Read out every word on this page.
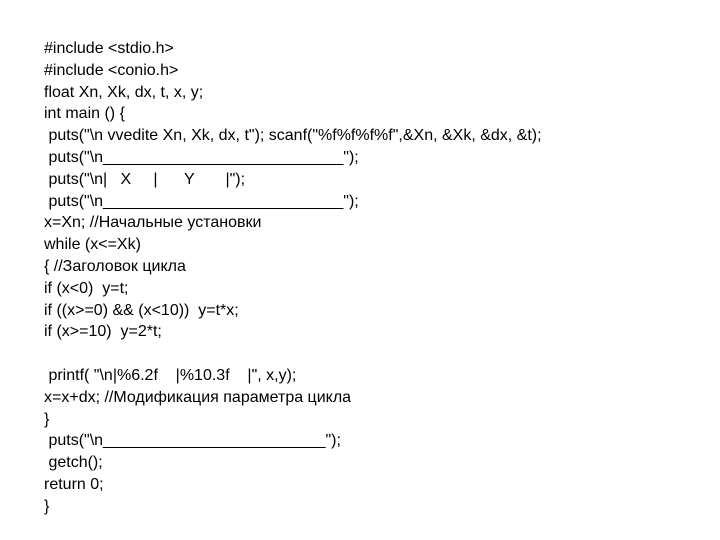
#include <stdio.h>
#include <conio.h>
float Xn, Xk, dx, t, x, y;
int main () {
puts("\n vvedite Xn, Xk, dx, t"); scanf("%f%f%f%f",&Xn, &Xk, &dx, &t);
puts("\n___________________________");
puts("\n|   X     |      Y       |");
puts("\n___________________________");
x=Xn; //Начальные установки
while (x<=Xk)
{ //Заголовок цикла
if (x<0)  y=t;
if ((x>=0) && (x<10))  y=t*x;
if (x>=10)  y=2*t;
printf( "\n|%6.2f    |%10.3f    |", x,y);
x=x+dx; //Модификация параметра цикла
}
puts("\n_________________________");
getch();
return 0;
}
